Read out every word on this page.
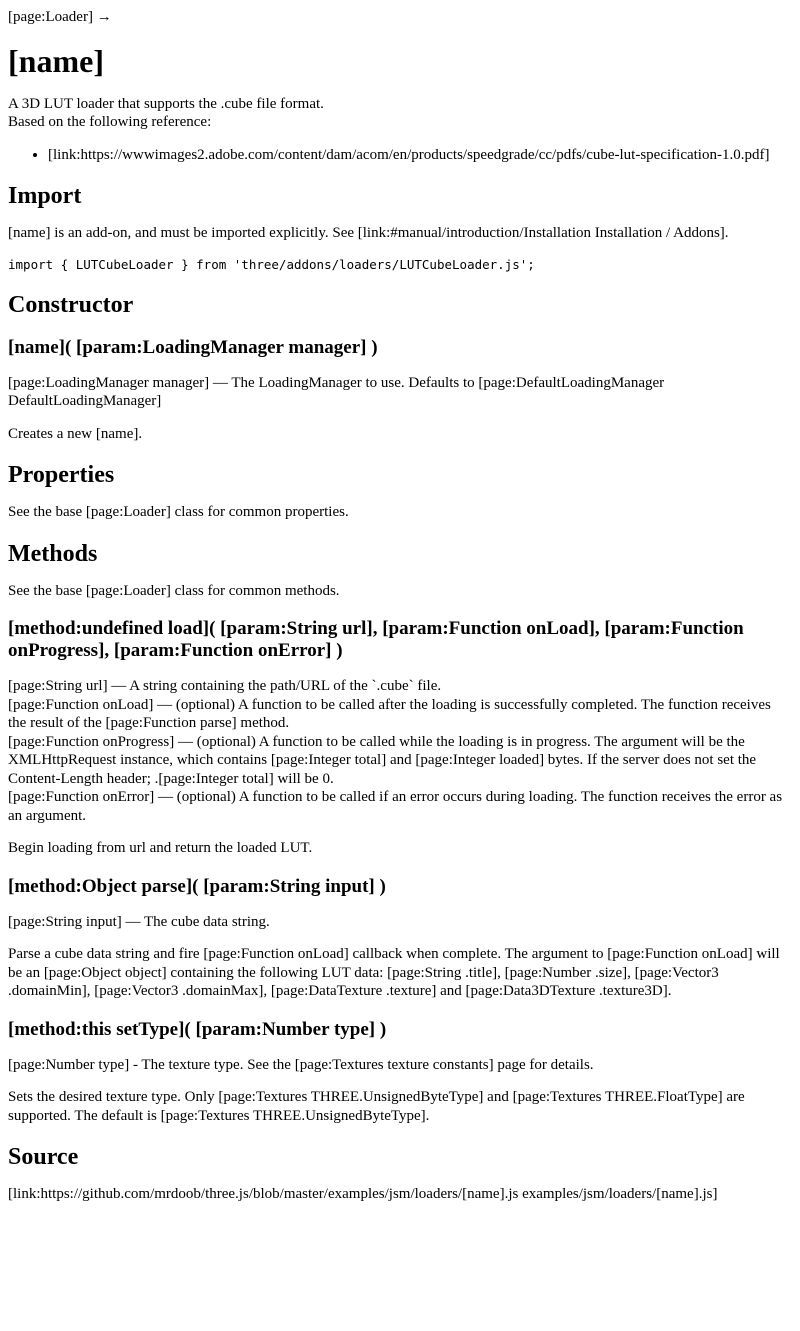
[page:Loader] →
[name]

A 3D LUT loader that supports the .cube file format.
Based on the following reference:

• [link:https://wwwimages2.adobe.com/content/dam/acom/en/products/speedgrade/cc/pdfs/cube-lut-specification-1.0.pdf]
Import

[name] is an add-on, and must be imported explicitly. See [link:#manual/introduction/Installation Installation / Addons].

import { LUTCubeLoader } from 'three/addons/loaders/LUTCubeLoader.js';
Constructor
[name]( [param:LoadingManager manager] )

[page:LoadingManager manager] — The LoadingManager to use. Defaults to [page:DefaultLoadingManager DefaultLoadingManager]

Creates a new [name].

Properties

See the base [page:Loader] class for common properties.

Methods

See the base [page:Loader] class for common methods.

[method:undefined load]( [param:String url], [param:Function onLoad], [param:Function onProgress], [param:Function onError] )

[page:String url] — A string containing the path/URL of the `.cube` file.
[page:Function onLoad] — (optional) A function to be called after the loading is successfully completed. The function receives the result of the [page:Function parse] method.
[page:Function onProgress] — (optional) A function to be called while the loading is in progress. The argument will be the XMLHttpRequest instance, which contains [page:Integer total] and [page:Integer loaded] bytes. If the server does not set the Content-Length header; .[page:Integer total] will be 0.
[page:Function onError] — (optional) A function to be called if an error occurs during loading. The function receives the error as an argument.

Begin loading from url and return the loaded LUT.

[method:Object parse]( [param:String input] )

[page:String input] — The cube data string.

Parse a cube data string and fire [page:Function onLoad] callback when complete. The argument to [page:Function onLoad] will be an [page:Object object] containing the following LUT data: [page:String .title], [page:Number .size], [page:Vector3 .domainMin], [page:Vector3 .domainMax], [page:DataTexture .texture] and [page:Data3DTexture .texture3D].

[method:this setType]( [param:Number type] )

[page:Number type] - The texture type. See the [page:Textures texture constants] page for details.

Sets the desired texture type. Only [page:Textures THREE.UnsignedByteType] and [page:Textures THREE.FloatType] are supported. The default is [page:Textures THREE.UnsignedByteType].

Source

[link:https://github.com/mrdoob/three.js/blob/master/examples/jsm/loaders/[name].js examples/jsm/loaders/[name].js]
